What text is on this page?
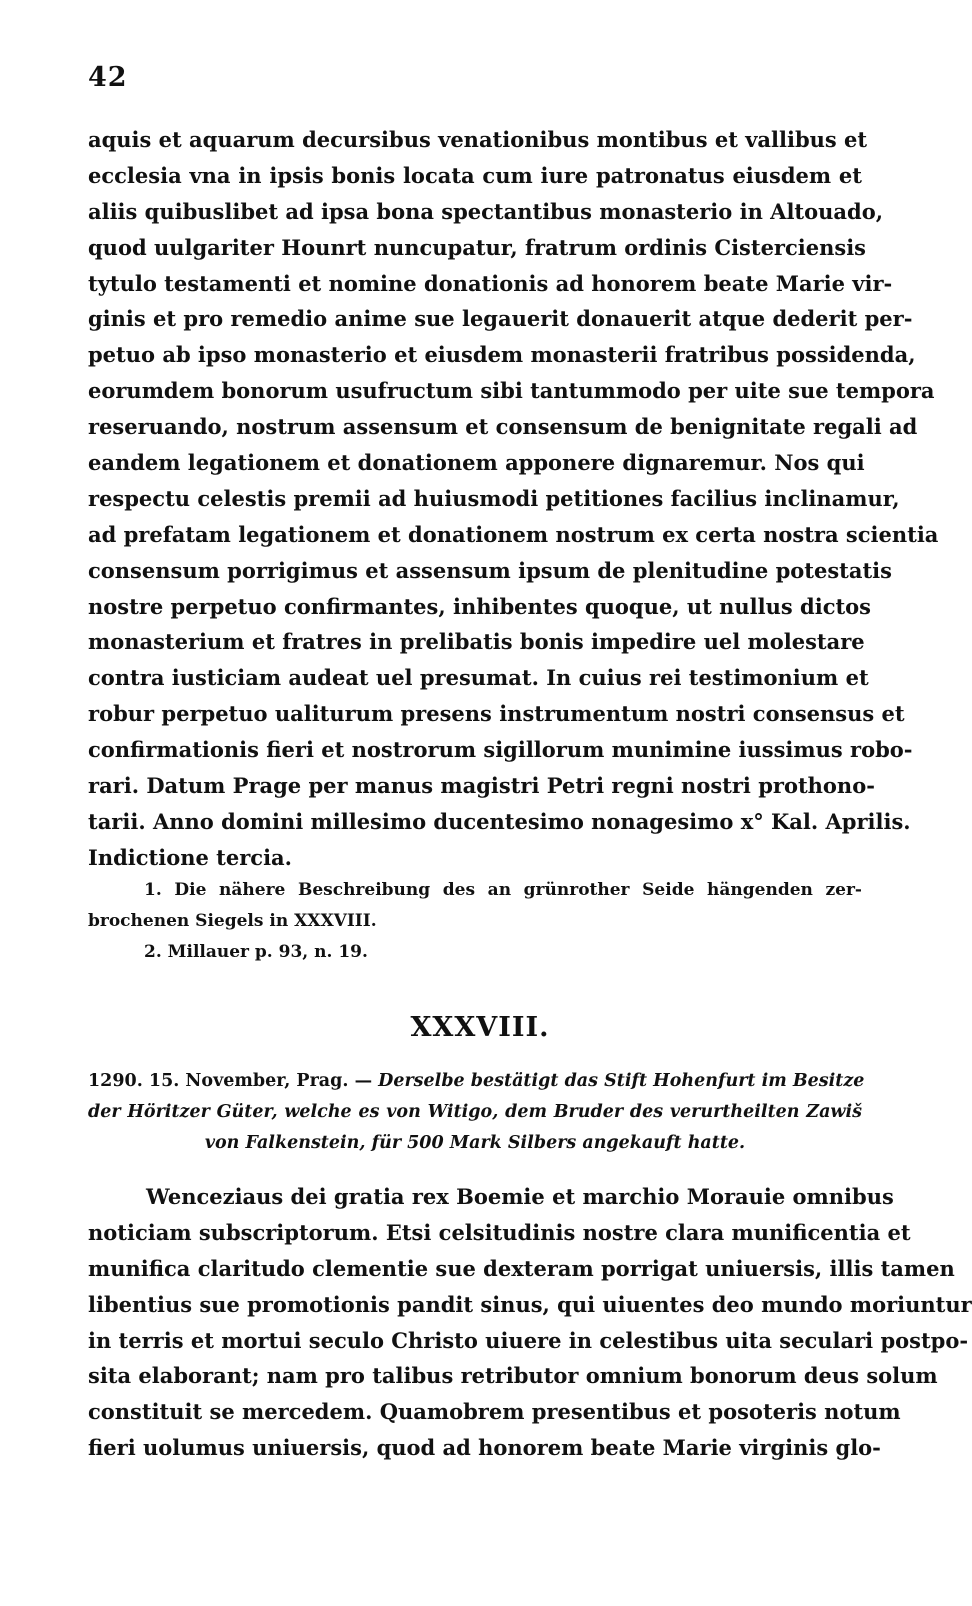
42
aquis et aquarum decursibus venationibus montibus et vallibus et
ecclesia vna in ipsis bonis locata cum iure patronatus eiusdem et
aliis quibuslibet ad ipsa bona spectantibus monasterio in Altouado,
quod uulgariter Hounrt nuncupatur, fratrum ordinis Cisterciensis
tytulo testamenti et nomine donationis ad honorem beate Marie vir-
ginis et pro remedio anime sue legauerit donauerit atque dederit per-
petuo ab ipso monasterio et eiusdem monasterii fratribus possidenda,
eorumdem bonorum usufructum sibi tantummodo per uite sue tempora
reseruando, nostrum assensum et consensum de benignitate regali ad
eandem legationem et donationem apponere dignaremur. Nos qui
respectu celestis premii ad huiusmodi petitiones facilius inclinamur,
ad prefatam legationem et donationem nostrum ex certa nostra scientia
consensum porrigimus et assensum ipsum de plenitudine potestatis
nostre perpetuo confirmantes, inhibentes quoque, ut nullus dictos
monasterium et fratres in prelibatis bonis impedire uel molestare
contra iusticiam audeat uel presumat. In cuius rei testimonium et
robur perpetuo ualiturum presens instrumentum nostri consensus et
confirmationis fieri et nostrorum sigillorum munimine iussimus robo-
rari. Datum Prage per manus magistri Petri regni nostri prothono-
tarii. Anno domini millesimo ducentesimo nonagesimo x° Kal. Aprilis.
Indictione tercia.
1. Die nähere Beschreibung des an grünrother Seide hängenden zer-
brochenen Siegels in XXXVIII.
2. Millauer p. 93, n. 19.
XXXVIII.
1290. 15. November, Prag. — Derselbe bestätigt das Stift Hohenfurt im Besitze
der Höritzer Güter, welche es von Witigo, dem Bruder des verurtheilten Zawiš
von Falkenstein, für 500 Mark Silbers angekauft hatte.
Wenceziaus dei gratia rex Boemie et marchio Morauie omnibus
noticiam subscriptorum. Etsi celsitudinis nostre clara munificentia et
munifica claritudo clementie sue dexteram porrigat uniuersis, illis tamen
libentius sue promotionis pandit sinus, qui uiuentes deo mundo moriuntur
in terris et mortui seculo Christo uiuere in celestibus uita seculari postpo-
sita elaborant; nam pro talibus retributor omnium bonorum deus solum
constituit se mercedem. Quamobrem presentibus et posoteris notum
fieri uolumus uniuersis, quod ad honorem beate Marie virginis glo-
